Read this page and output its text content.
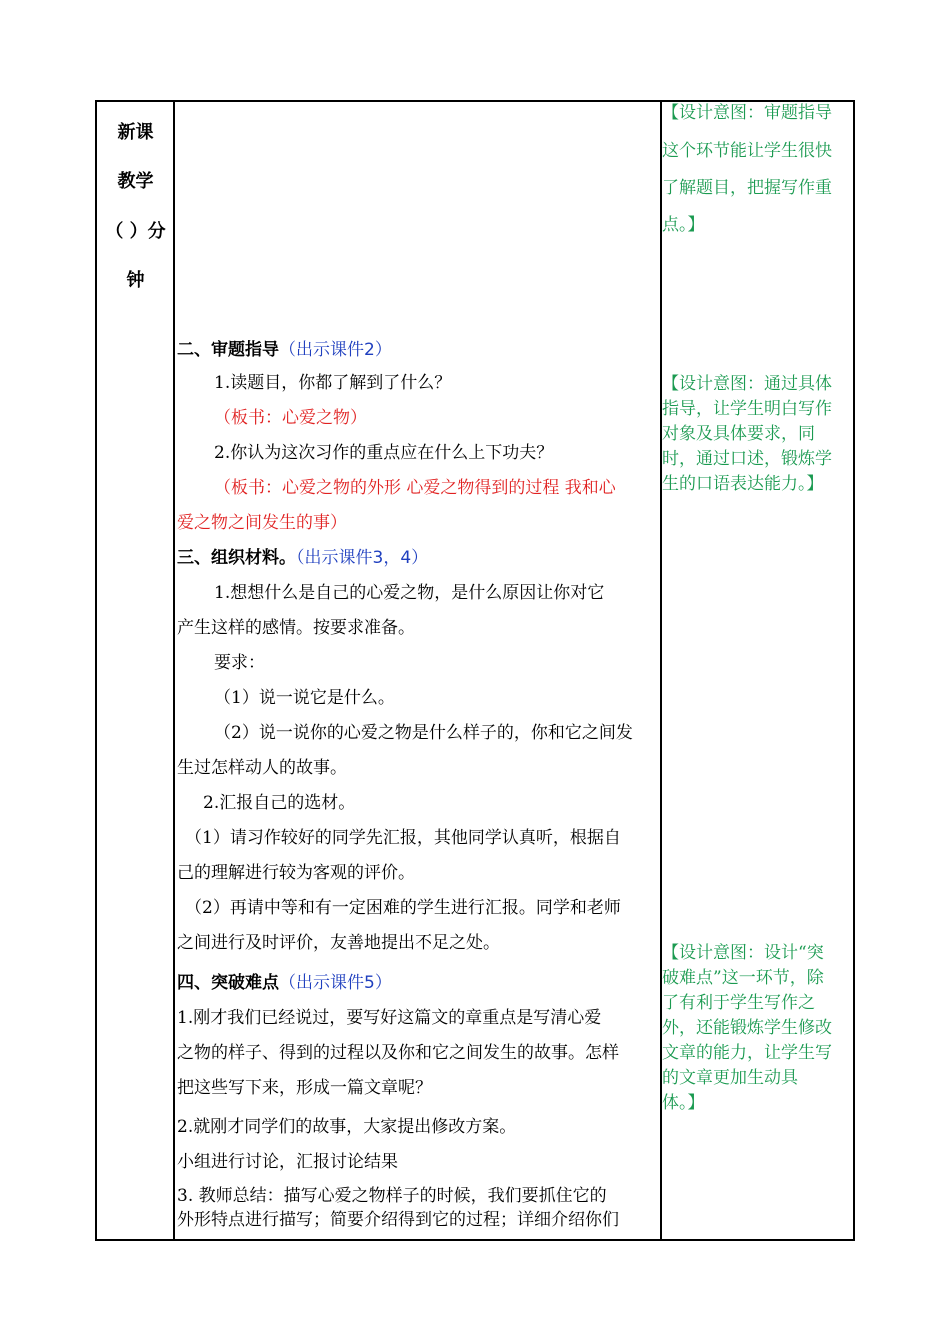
新课
教学
（ ）分
钟
二、审题指导（出示课件2）
1.读题目，你都了解到了什么？
（板书：心爱之物）
2.你认为这次习作的重点应在什么上下功夫？
（板书：心爱之物的外形 心爱之物得到的过程 我和心
爱之物之间发生的事）
三、组织材料。（出示课件3，4）
1.想想什么是自己的心爱之物，是什么原因让你对它
产生这样的感情。按要求准备。
要求：
（1）说一说它是什么。
（2）说一说你的心爱之物是什么样子的，你和它之间发
生过怎样动人的故事。
2.汇报自己的选材。
（1）请习作较好的同学先汇报，其他同学认真听，根据自
己的理解进行较为客观的评价。
（2）再请中等和有一定困难的学生进行汇报。同学和老师
之间进行及时评价，友善地提出不足之处。
四、突破难点（出示课件5）
1.刚才我们已经说过，要写好这篇文的章重点是写清心爱
之物的样子、得到的过程以及你和它之间发生的故事。怎样
把这些写下来，形成一篇文章呢？
2.就刚才同学们的故事，大家提出修改方案。
小组进行讨论，汇报讨论结果
3. 教师总结：描写心爱之物样子的时候，我们要抓住它的
外形特点进行描写；简要介绍得到它的过程；详细介绍你们
【设计意图：审题指导
这个环节能让学生很快
了解题目，把握写作重
点。】
【设计意图：通过具体
指导，让学生明白写作
对象及具体要求，同
时，通过口述，锻炼学
生的口语表达能力。】
【设计意图：设计“突
破难点”这一环节，除
了有利于学生写作之
外，还能锻炼学生修改
文章的能力，让学生写
的文章更加生动具
体。】
